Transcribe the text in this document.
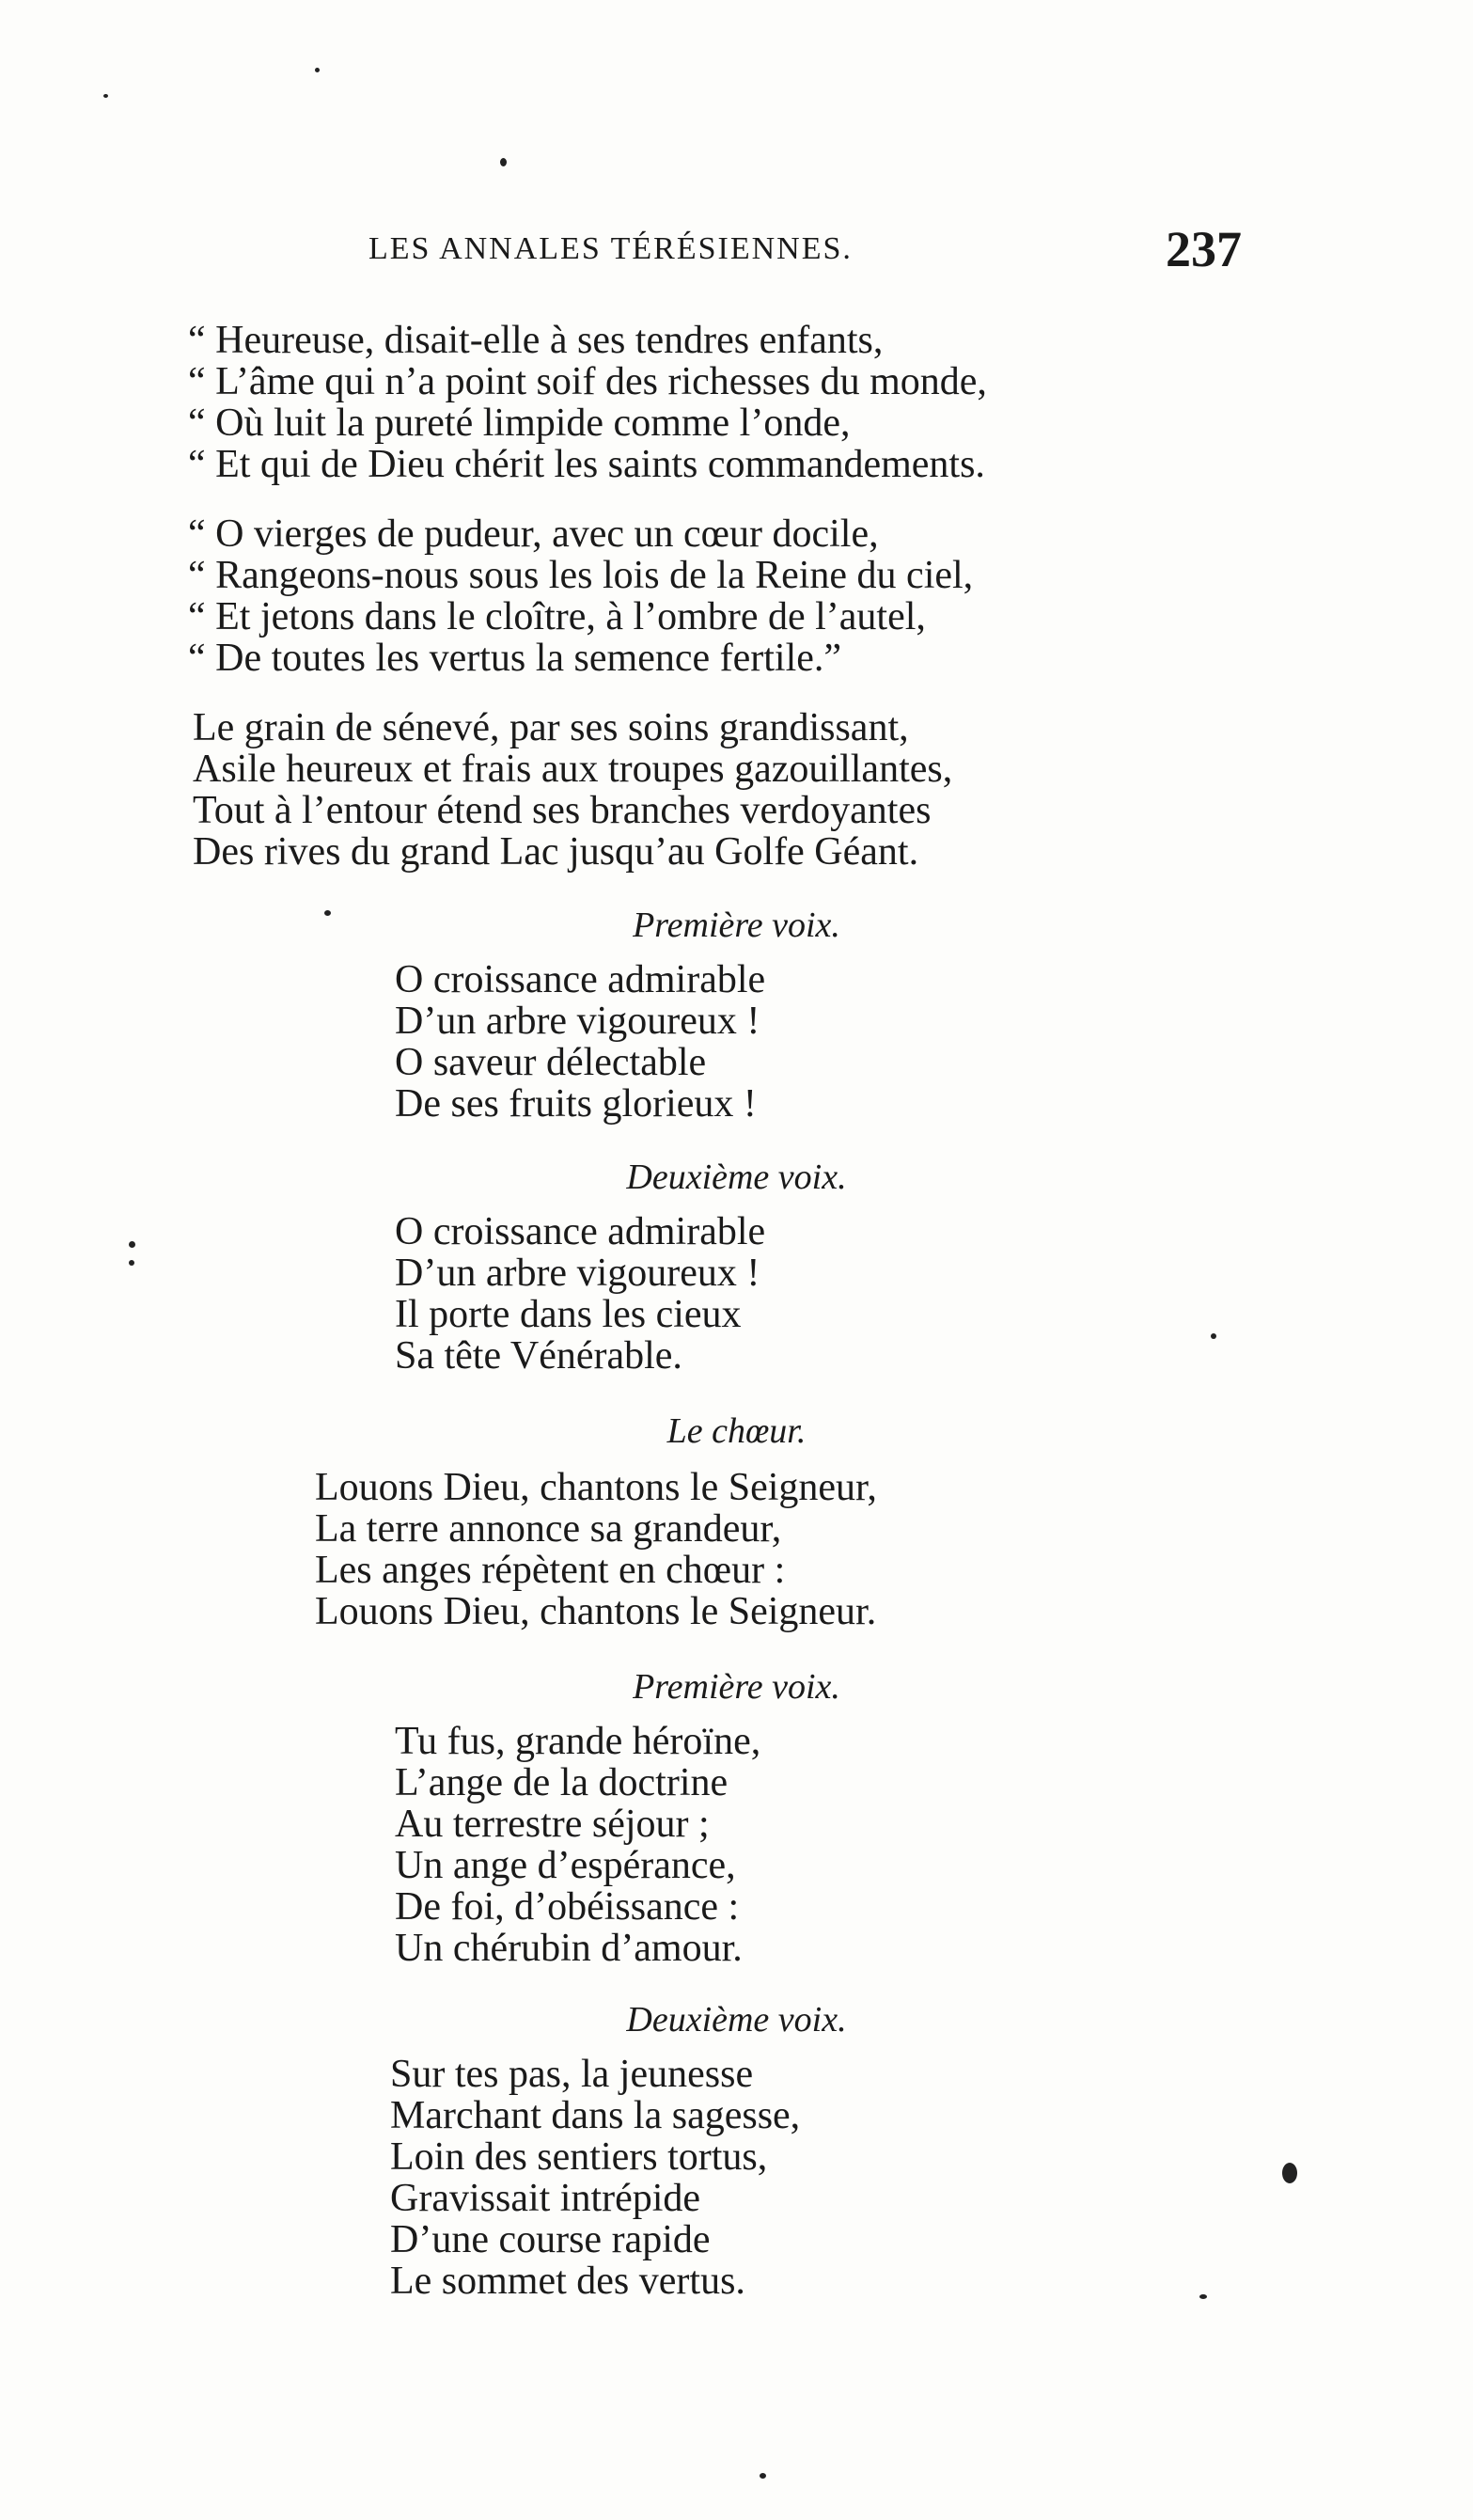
LES ANNALES TÉRÉSIENNES.	237
“ Heureuse, disait-elle à ses tendres enfants,
“ L’âme qui n’a point soif des richesses du monde,
“ Où luit la pureté limpide comme l’onde,
“ Et qui de Dieu chérit les saints commandements.
“ O vierges de pudeur, avec un cœur docile,
“ Rangeons-nous sous les lois de la Reine du ciel,
“ Et jetons dans le cloître, à l’ombre de l’autel,
“ De toutes les vertus la semence fertile.”
Le grain de sénevé, par ses soins grandissant,
Asile heureux et frais aux troupes gazouillantes,
Tout à l’entour étend ses branches verdoyantes
Des rives du grand Lac jusqu’au Golfe Géant.
Première voix.
O croissance admirable
D’un arbre vigoureux !
O saveur délectable
De ses fruits glorieux !
Deuxième voix.
O croissance admirable
D’un arbre vigoureux !
Il porte dans les cieux
Sa tête Vénérable.
Le chœur.
Louons Dieu, chantons le Seigneur,
La terre annonce sa grandeur,
Les anges répètent en chœur :
Louons Dieu, chantons le Seigneur.
Première voix.
Tu fus, grande héroïne,
L’ange de la doctrine
Au terrestre séjour ;
Un ange d’espérance,
De foi, d’obéissance :
Un chérubin d’amour.
Deuxième voix.
Sur tes pas, la jeunesse
Marchant dans la sagesse,
Loin des sentiers tortus,
Gravissait intrépide
D’une course rapide
Le sommet des vertus.
